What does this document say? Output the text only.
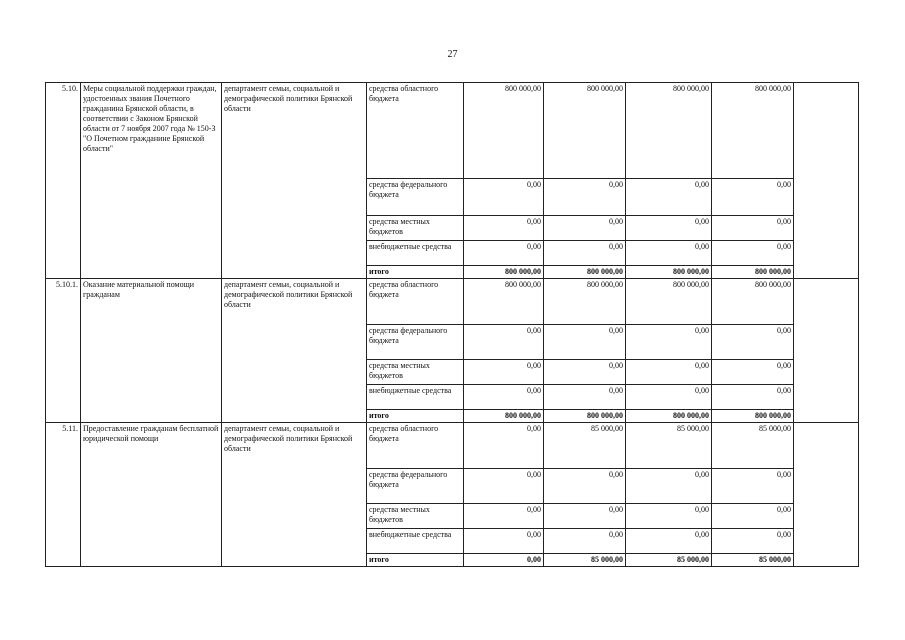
27
5.10.	Меры социальной поддержки граждан, удостоенных звания Почетного гражданина Брянской области, в соответствии с Законом Брянской области от 7 ноября 2007 года № 150-З "О Почетном гражданине Брянской области"	департамент семьи, социальной и демографической политики Брянской области	средства областного бюджета	800 000,00	800 000,00	800 000,00	800 000,00	
			средства федерального бюджета	0,00	0,00	0,00	0,00	
			средства местных бюджетов	0,00	0,00	0,00	0,00	
			внебюджетные средства	0,00	0,00	0,00	0,00	
			итого	800 000,00	800 000,00	800 000,00	800 000,00	
5.10.1.	Оказание материальной помощи гражданам	департамент семьи, социальной и демографической политики Брянской области	средства областного бюджета	800 000,00	800 000,00	800 000,00	800 000,00	
			средства федерального бюджета	0,00	0,00	0,00	0,00	
			средства местных бюджетов	0,00	0,00	0,00	0,00	
			внебюджетные средства	0,00	0,00	0,00	0,00	
			итого	800 000,00	800 000,00	800 000,00	800 000,00	
5.11.	Предоставление гражданам бесплатной юридической помощи	департамент семьи, социальной и демографической политики Брянской области	средства областного бюджета	0,00	85 000,00	85 000,00	85 000,00	
			средства федерального бюджета	0,00	0,00	0,00	0,00	
			средства местных бюджетов	0,00	0,00	0,00	0,00	
			внебюджетные средства	0,00	0,00	0,00	0,00	
			итого	0,00	85 000,00	85 000,00	85 000,00	
